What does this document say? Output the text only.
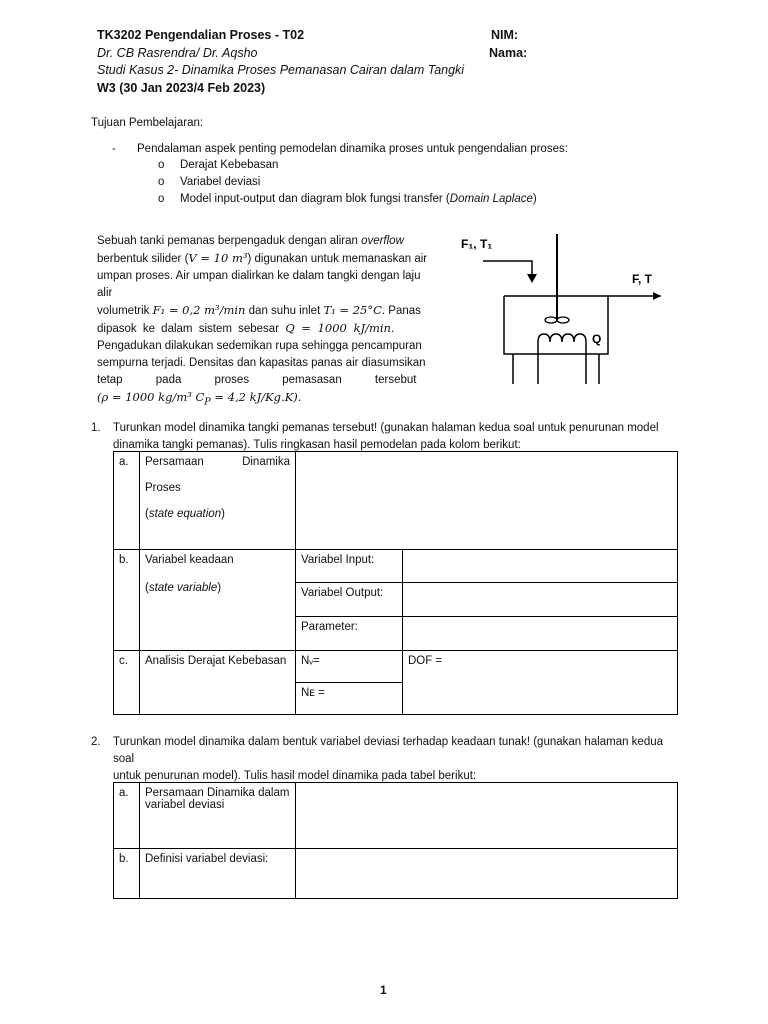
TK3202 Pengendalian Proses - T02
Dr. CB Rasrendra/ Dr. Aqsho
Studi Kasus 2- Dinamika Proses Pemanasan Cairan dalam Tangki
W3 (30 Jan 2023/4 Feb 2023)
NIM:
Nama:
Tujuan Pembelajaran:
- Pendalaman aspek penting pemodelan dinamika proses untuk pengendalian proses:
o Derajat Kebebasan
o Variabel deviasi
o Model input-output dan diagram blok fungsi transfer (Domain Laplace)
Sebuah tanki pemanas berpengaduk dengan aliran overflow
berbentuk silider (V = 10 m³) digunakan untuk memanaskan air
umpan proses. Air umpan dialirkan ke dalam tangki dengan laju alir
volumetrik F₁ = 0,2 m³/min dan suhu inlet T₁ = 25°C. Panas
dipasok ke dalam sistem sebesar Q = 1000 kJ/min.
Pengadukan dilakukan sedemikan rupa sehingga pencampuran
sempurna terjadi. Densitas dan kapasitas panas air diasumsikan
tetap pada proses pemasasan tersebut
(ρ = 1000 kg/m³ $C_P = 4,2$ kJ/Kg.K).
F₁, T₁
F, T
Q
1. Turunkan model dinamika tangki pemanas tersebut! (gunakan halaman kedua soal untuk penurunan model
dinamika tangki pemanas). Tulis ringkasan hasil pemodelan pada kolom berikut:
a.	Persamaan Dinamika
Proses
(state equation)		

b.	Variabel keadaan
(state variable)	Variabel Input:	
		Variabel Output:	
		Parameter:	
c.	Analisis Derajat Kebebasan	Nᵥ=	DOF =
		Nᴇ =	
2. Turunkan model dinamika dalam bentuk variabel deviasi terhadap keadaan tunak! (gunakan halaman kedua soal
untuk penurunan model). Tulis hasil model dinamika pada tabel berikut:
a.	Persamaan Dinamika dalam
variabel deviasi	

b.	Definisi variabel deviasi:	
1
